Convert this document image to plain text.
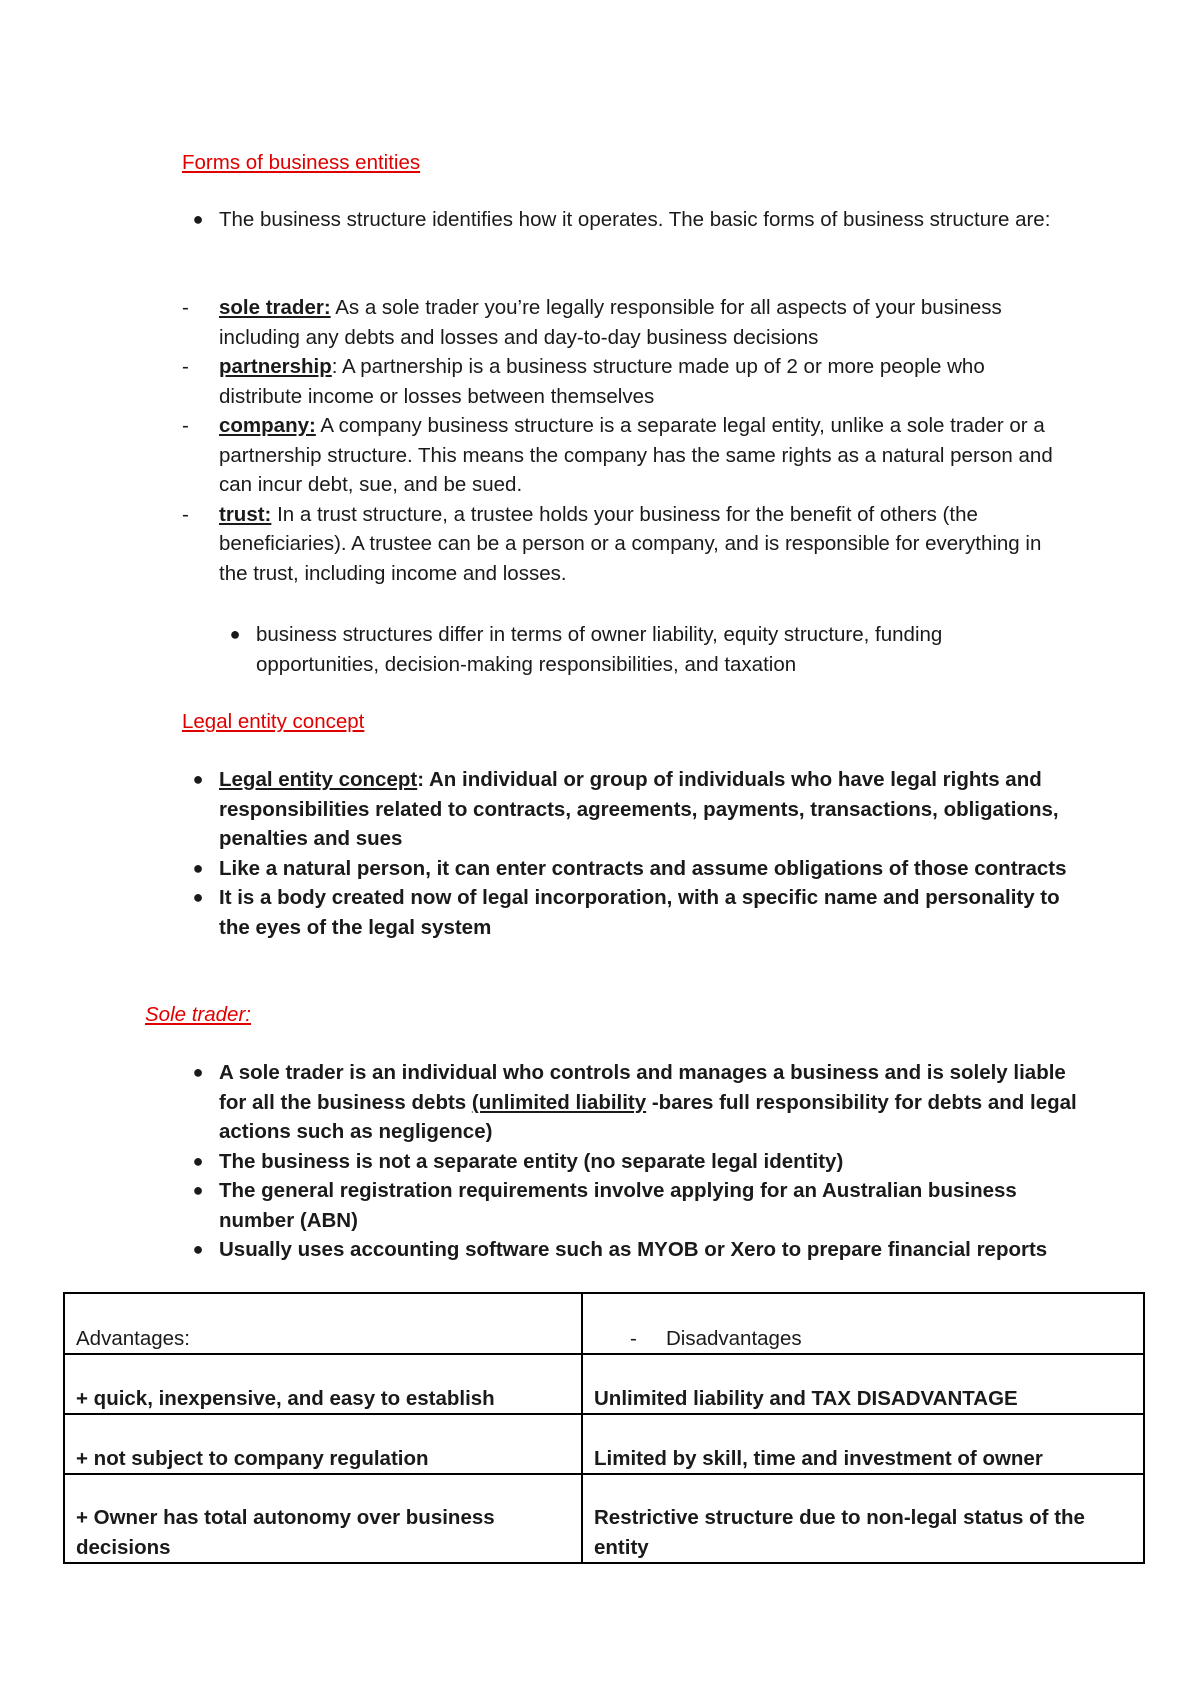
Forms of business entities
● The business structure identifies how it operates. The basic forms of business structure are:
- sole trader: As a sole trader you’re legally responsible for all aspects of your business including any debts and losses and day-to-day business decisions
- partnership: A partnership is a business structure made up of 2 or more people who distribute income or losses between themselves
- company: A company business structure is a separate legal entity, unlike a sole trader or a partnership structure. This means the company has the same rights as a natural person and can incur debt, sue, and be sued.
- trust: In a trust structure, a trustee holds your business for the benefit of others (the beneficiaries). A trustee can be a person or a company, and is responsible for everything in the trust, including income and losses.
● business structures differ in terms of owner liability, equity structure, funding opportunities, decision-making responsibilities, and taxation
Legal entity concept
● Legal entity concept: An individual or group of individuals who have legal rights and responsibilities related to contracts, agreements, payments, transactions, obligations, penalties and sues
● Like a natural person, it can enter contracts and assume obligations of those contracts
● It is a body created now of legal incorporation, with a specific name and personality to the eyes of the legal system
Sole trader:
● A sole trader is an individual who controls and manages a business and is solely liable for all the business debts (unlimited liability -bares full responsibility for debts and legal actions such as negligence)
● The business is not a separate entity (no separate legal identity)
● The general registration requirements involve applying for an Australian business number (ABN)
● Usually uses accounting software such as MYOB or Xero to prepare financial reports
Advantages:	- Disadvantages
+ quick, inexpensive, and easy to establish	Unlimited liability and TAX DISADVANTAGE
+ not subject to company regulation	Limited by skill, time and investment of owner
+ Owner has total autonomy over business decisions	Restrictive structure due to non-legal status of the entity
